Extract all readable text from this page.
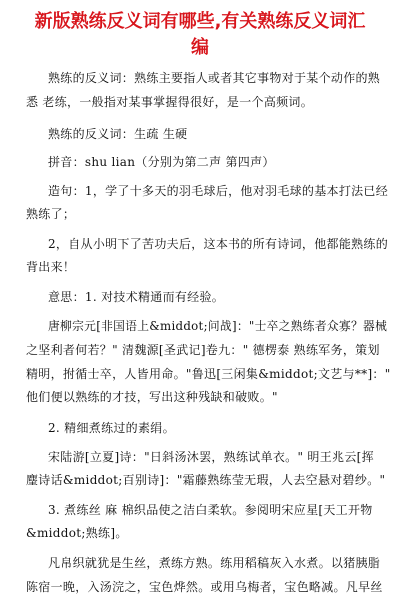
新版熟练反义词有哪些,有关熟练反义词汇
编
熟练的反义词：熟练主要指人或者其它事物对于某个动作的熟
悉 老练，一般指对某事掌握得很好，是一个高频词。
熟练的反义词：生疏 生硬
拼音：shu lian（分别为第二声 第四声）
造句：1，学了十多天的羽毛球后，他对羽毛球的基本打法已经
熟练了；
2，自从小明下了苦功夫后，这本书的所有诗词，他都能熟练的
背出来！
意思：1. 对技术精通而有经验。
唐柳宗元[非国语上&middot;问战]："士卒之熟练者众寡？器械
之坚利者何若？" 清魏源[圣武记]卷九：" 德楞泰 熟练军务，策划
精明，拊循士卒，人皆用命。"鲁迅[三闲集&middot;文艺与**]："
他们便以熟练的才技，写出这种残缺和破败。"
2. 精细煮练过的素绢。
宋陆游[立夏]诗："日斜汤沐罢，熟练试单衣。" 明王兆云[挥
麈诗话&middot;百别诗]："霜藤熟练莹无瑕，人去空悬对碧纱。"
3. 煮练丝 麻 棉织品使之洁白柔软。参阅明宋应星[天工开物
&middot;熟练]。
凡帛织就犹是生丝，煮练方熟。练用稻稿灰入水煮。以猪胰脂
陈宿一晚，入汤浣之，宝色烨然。或用乌梅者，宝色略减。凡早丝
